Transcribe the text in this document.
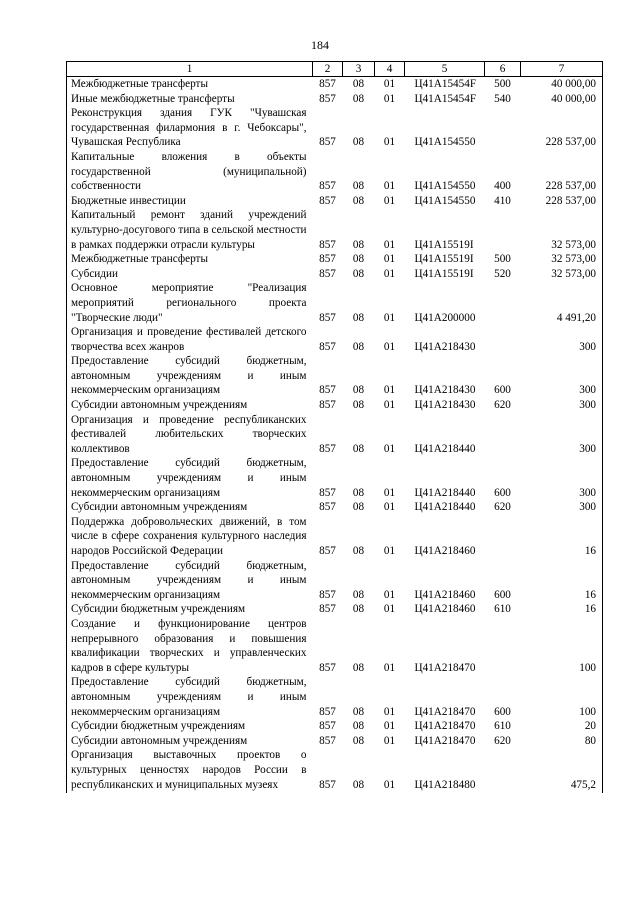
184
1	2	3	4	5	6	7
Межбюджетные трансферты	857	08	01	Ц41А15454F	500	40 000,00
Иные межбюджетные трансферты	857	08	01	Ц41А15454F	540	40 000,00
Реконструкция здания ГУК "Чувашская государственная филармония в г. Чебоксары", Чувашская Республика	857	08	01	Ц41А154550		228 537,00
Капитальные вложения в объекты государственной (муниципальной) собственности	857	08	01	Ц41А154550	400	228 537,00
Бюджетные инвестиции	857	08	01	Ц41А154550	410	228 537,00
Капитальный ремонт зданий учреждений культурно-досугового типа в сельской местности в рамках поддержки отрасли культуры	857	08	01	Ц41А15519I		32 573,00
Межбюджетные трансферты	857	08	01	Ц41А15519I	500	32 573,00
Субсидии	857	08	01	Ц41А15519I	520	32 573,00
Основное мероприятие "Реализация мероприятий регионального проекта "Творческие люди"	857	08	01	Ц41А200000		4 491,20
Организация и проведение фестивалей детского творчества всех жанров	857	08	01	Ц41А218430		300
Предоставление субсидий бюджетным, автономным учреждениям и иным некоммерческим организациям	857	08	01	Ц41А218430	600	300
Субсидии автономным учреждениям	857	08	01	Ц41А218430	620	300
Организация и проведение республиканских фестивалей любительских творческих коллективов	857	08	01	Ц41А218440		300
Предоставление субсидий бюджетным, автономным учреждениям и иным некоммерческим организациям	857	08	01	Ц41А218440	600	300
Субсидии автономным учреждениям	857	08	01	Ц41А218440	620	300
Поддержка добровольческих движений, в том числе в сфере сохранения культурного наследия народов Российской Федерации	857	08	01	Ц41А218460		16
Предоставление субсидий бюджетным, автономным учреждениям и иным некоммерческим организациям	857	08	01	Ц41А218460	600	16
Субсидии бюджетным учреждениям	857	08	01	Ц41А218460	610	16
Создание и функционирование центров непрерывного образования и повышения квалификации творческих и управленческих кадров в сфере культуры	857	08	01	Ц41А218470		100
Предоставление субсидий бюджетным, автономным учреждениям и иным некоммерческим организациям	857	08	01	Ц41А218470	600	100
Субсидии бюджетным учреждениям	857	08	01	Ц41А218470	610	20
Субсидии автономным учреждениям	857	08	01	Ц41А218470	620	80
Организация выставочных проектов о культурных ценностях народов России в республиканских и муниципальных музеях	857	08	01	Ц41А218480		475,2
